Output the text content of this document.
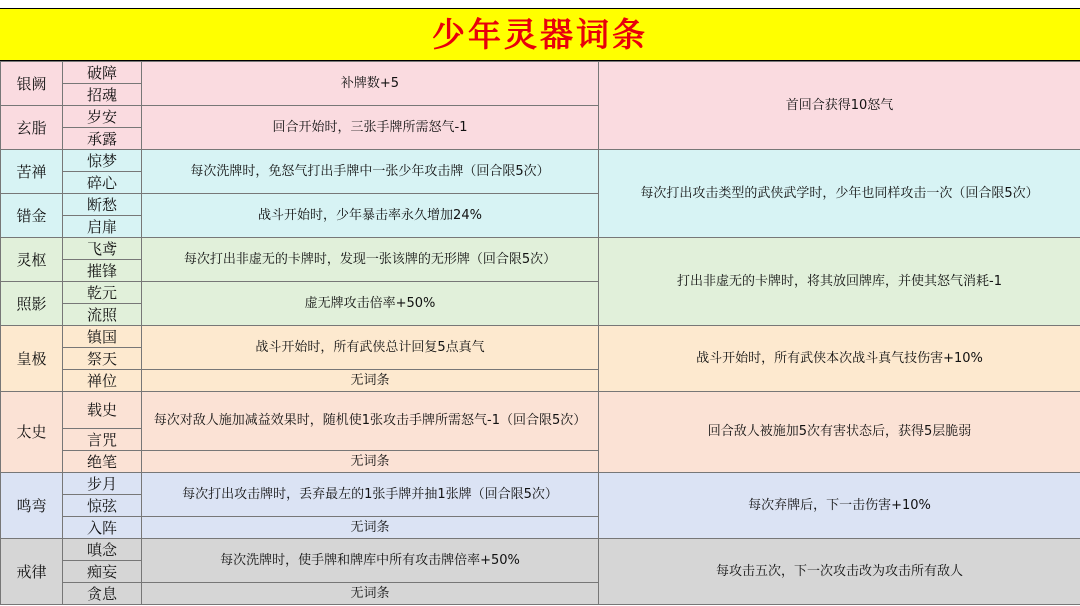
少年灵器词条
银阙	破障	补牌数+5	首回合获得10怒气
	招魂		
玄脂	岁安	回合开始时，三张手牌所需怒气-1	
	承露		
苦禅	惊梦	每次洗牌时，免怒气打出手牌中一张少年攻击牌（回合限5次）	每次打出攻击类型的武侠武学时，少年也同样攻击一次（回合限5次）
	碎心		
错金	断愁	战斗开始时，少年暴击率永久增加24%	
	启扉		
灵枢	飞鸢	每次打出非虚无的卡牌时，发现一张该牌的无形牌（回合限5次）	打出非虚无的卡牌时，将其放回牌库，并使其怒气消耗-1
	摧锋		
照影	乾元	虚无牌攻击倍率+50%	
	流照		
皇极	镇国	战斗开始时，所有武侠总计回复5点真气	战斗开始时，所有武侠本次战斗真气技伤害+10%
	祭天		
	禅位	无词条	
太史	载史	每次对敌人施加减益效果时，随机使1张攻击手牌所需怒气-1（回合限5次）	回合敌人被施加5次有害状态后，获得5层脆弱
	言咒		
	绝笔	无词条	
鸣弯	步月	每次打出攻击牌时，丢弃最左的1张手牌并抽1张牌（回合限5次）	每次弃牌后，下一击伤害+10%
	惊弦		
	入阵	无词条	
戒律	嗔念	每次洗牌时，使手牌和牌库中所有攻击牌倍率+50%	每攻击五次，下一次攻击改为攻击所有敌人
	痴妄		
	贪息	无词条	
